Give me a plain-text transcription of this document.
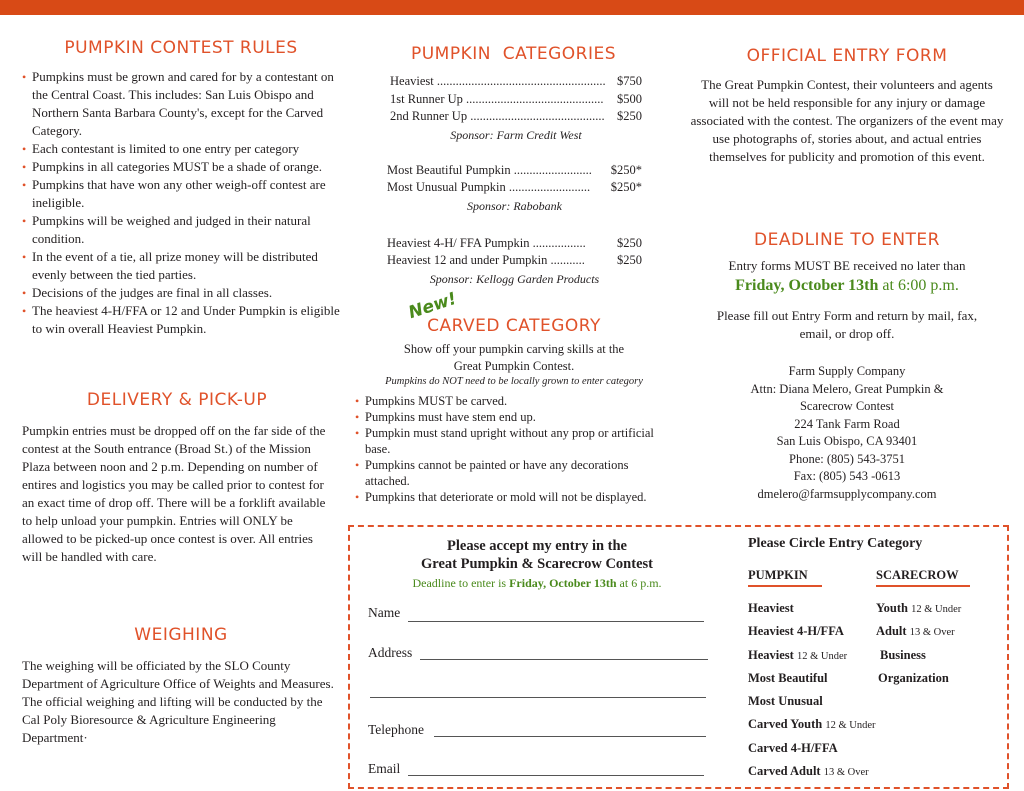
PUMPKIN CONTEST RULES
• Pumpkins must be grown and cared for by a contestant on the Central Coast. This includes: San Luis Obispo and Northern Santa Barbara County's, except for the Carved Category.
• Each contestant is limited to one entry per category
• Pumpkins in all categories MUST be a shade of orange.
• Pumpkins that have won any other weigh-off contest are ineligible.
• Pumpkins will be weighed and judged in their natural condition.
• In the event of a tie, all prize money will be distributed evenly between the tied parties.
• Decisions of the judges are final in all classes.
• The heaviest 4-H/FFA or 12 and Under Pumpkin is eligible to win overall Heaviest Pumpkin.
DELIVERY & PICK-UP

Pumpkin entries must be dropped off on the far side of the contest at the South entrance (Broad St.) of the Mission Plaza between noon and 2 p.m. Depending on number of entires and logistics you may be called prior to contest for an exact time of drop off. There will be a forklift available to help unload your pumpkin. Entries will ONLY be allowed to be picked-up once contest is over. All entries will be handled with care.

WEIGHING

The weighing will be officiated by the SLO County Department of Agriculture Office of Weights and Measures. The official weighing and lifting will be conducted by the Cal Poly Bioresource & Agriculture Engineering Department·

PUMPKIN  CATEGORIES
Heaviest ...................................................... $750
1st Runner Up ............................................ $500
2nd Runner Up ........................................... $250
Sponsor: Farm Credit West
Most Beautiful Pumpkin ......................... $250*
Most Unusual Pumpkin .......................... $250*
Sponsor: Rabobank
Heaviest 4-H/ FFA Pumpkin .................	$250
Heaviest 12 and under Pumpkin ...........	$250
Sponsor: Kellogg Garden Products
New!
CARVED CATEGORY

Show off your pumpkin carving skills at the Great Pumpkin Contest.

Pumpkins do NOT need to be locally grown to enter category

• Pumpkins MUST be carved.
• Pumpkins must have stem end up.
• Pumpkin must stand upright without any prop or artificial base.
• Pumpkins cannot be painted or have any decorations attached.
• Pumpkins that deteriorate or mold will not be displayed.
OFFICIAL ENTRY FORM

The Great Pumpkin Contest, their volunteers and agents will not be held responsible for any injury or damage associated with the contest. The organizers of the event may use photographs of, stories about, and actual entries themselves for publicity and promotion of this event.

DEADLINE TO ENTER

Entry forms MUST BE received no later than

Friday, October 13th at 6:00 p.m.

Please fill out Entry Form and return by mail, fax, email, or drop off.

Farm Supply Company
Attn: Diana Melero, Great Pumpkin &
Scarecrow Contest
224 Tank Farm Road
San Luis Obispo, CA 93401
Phone: (805) 543-3751
Fax: (805) 543 -0613
dmelero@farmsupplycompany.com
Please accept my entry in the
Great Pumpkin & Scarecrow Contest
Deadline to enter is Friday, October 13th at 6 p.m.
Name
Address
Telephone
Email
Please Circle Entry Category
PUMPKIN	SCARECROW
Heaviest
Heaviest 4-H/FFA
Heaviest 12 & Under
Most Beautiful
Most Unusual
Carved Youth 12 & Under
Carved 4-H/FFA
Carved Adult 13 & Over
Youth 12 & Under
Adult 13 & Over
Business
Organization
